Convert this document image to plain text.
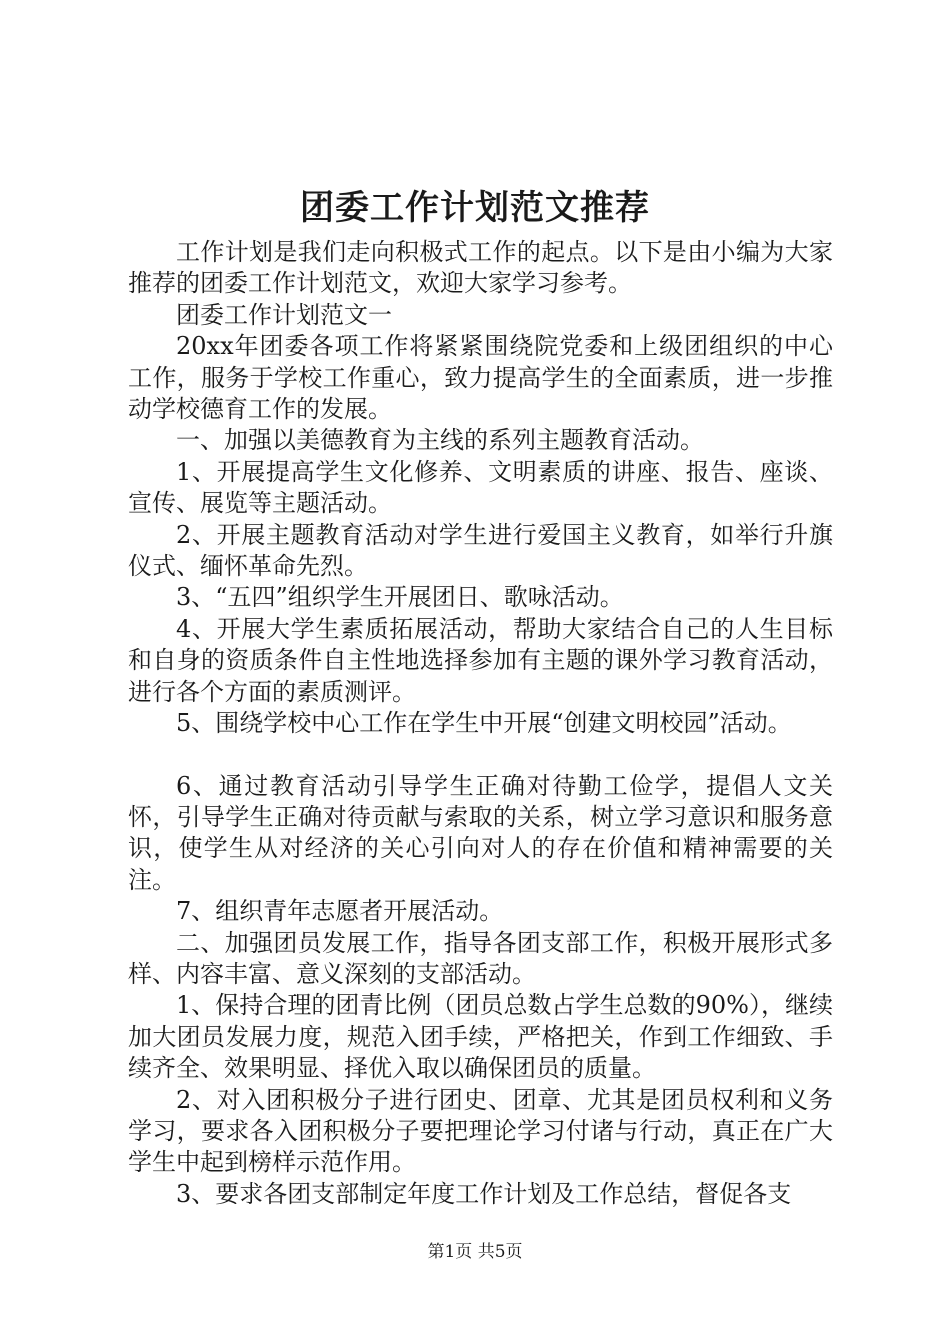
团委工作计划范文推荐

工作计划是我们走向积极式工作的起点。以下是由小编为大家推荐的团委工作计划范文，欢迎大家学习参考。

团委工作计划范文一

20xx年团委各项工作将紧紧围绕院党委和上级团组织的中心工作，服务于学校工作重心，致力提高学生的全面素质，进一步推动学校德育工作的发展。

一、加强以美德教育为主线的系列主题教育活动。

1、开展提高学生文化修养、文明素质的讲座、报告、座谈、宣传、展览等主题活动。

2、开展主题教育活动对学生进行爱国主义教育，如举行升旗仪式、缅怀革命先烈。

3、“五四”组织学生开展团日、歌咏活动。

4、开展大学生素质拓展活动，帮助大家结合自己的人生目标和自身的资质条件自主性地选择参加有主题的课外学习教育活动，进行各个方面的素质测评。

5、围绕学校中心工作在学生中开展“创建文明校园”活动。

6、通过教育活动引导学生正确对待勤工俭学，提倡人文关怀，引导学生正确对待贡献与索取的关系，树立学习意识和服务意识，使学生从对经济的关心引向对人的存在价值和精神需要的关注。

7、组织青年志愿者开展活动。

二、加强团员发展工作，指导各团支部工作，积极开展形式多样、内容丰富、意义深刻的支部活动。

1、保持合理的团青比例（团员总数占学生总数的90%），继续加大团员发展力度，规范入团手续，严格把关，作到工作细致、手续齐全、效果明显、择优入取以确保团员的质量。

2、对入团积极分子进行团史、团章、尤其是团员权利和义务学习，要求各入团积极分子要把理论学习付诸与行动，真正在广大学生中起到榜样示范作用。

3、要求各团支部制定年度工作计划及工作总结，督促各支

第1页 共5页
